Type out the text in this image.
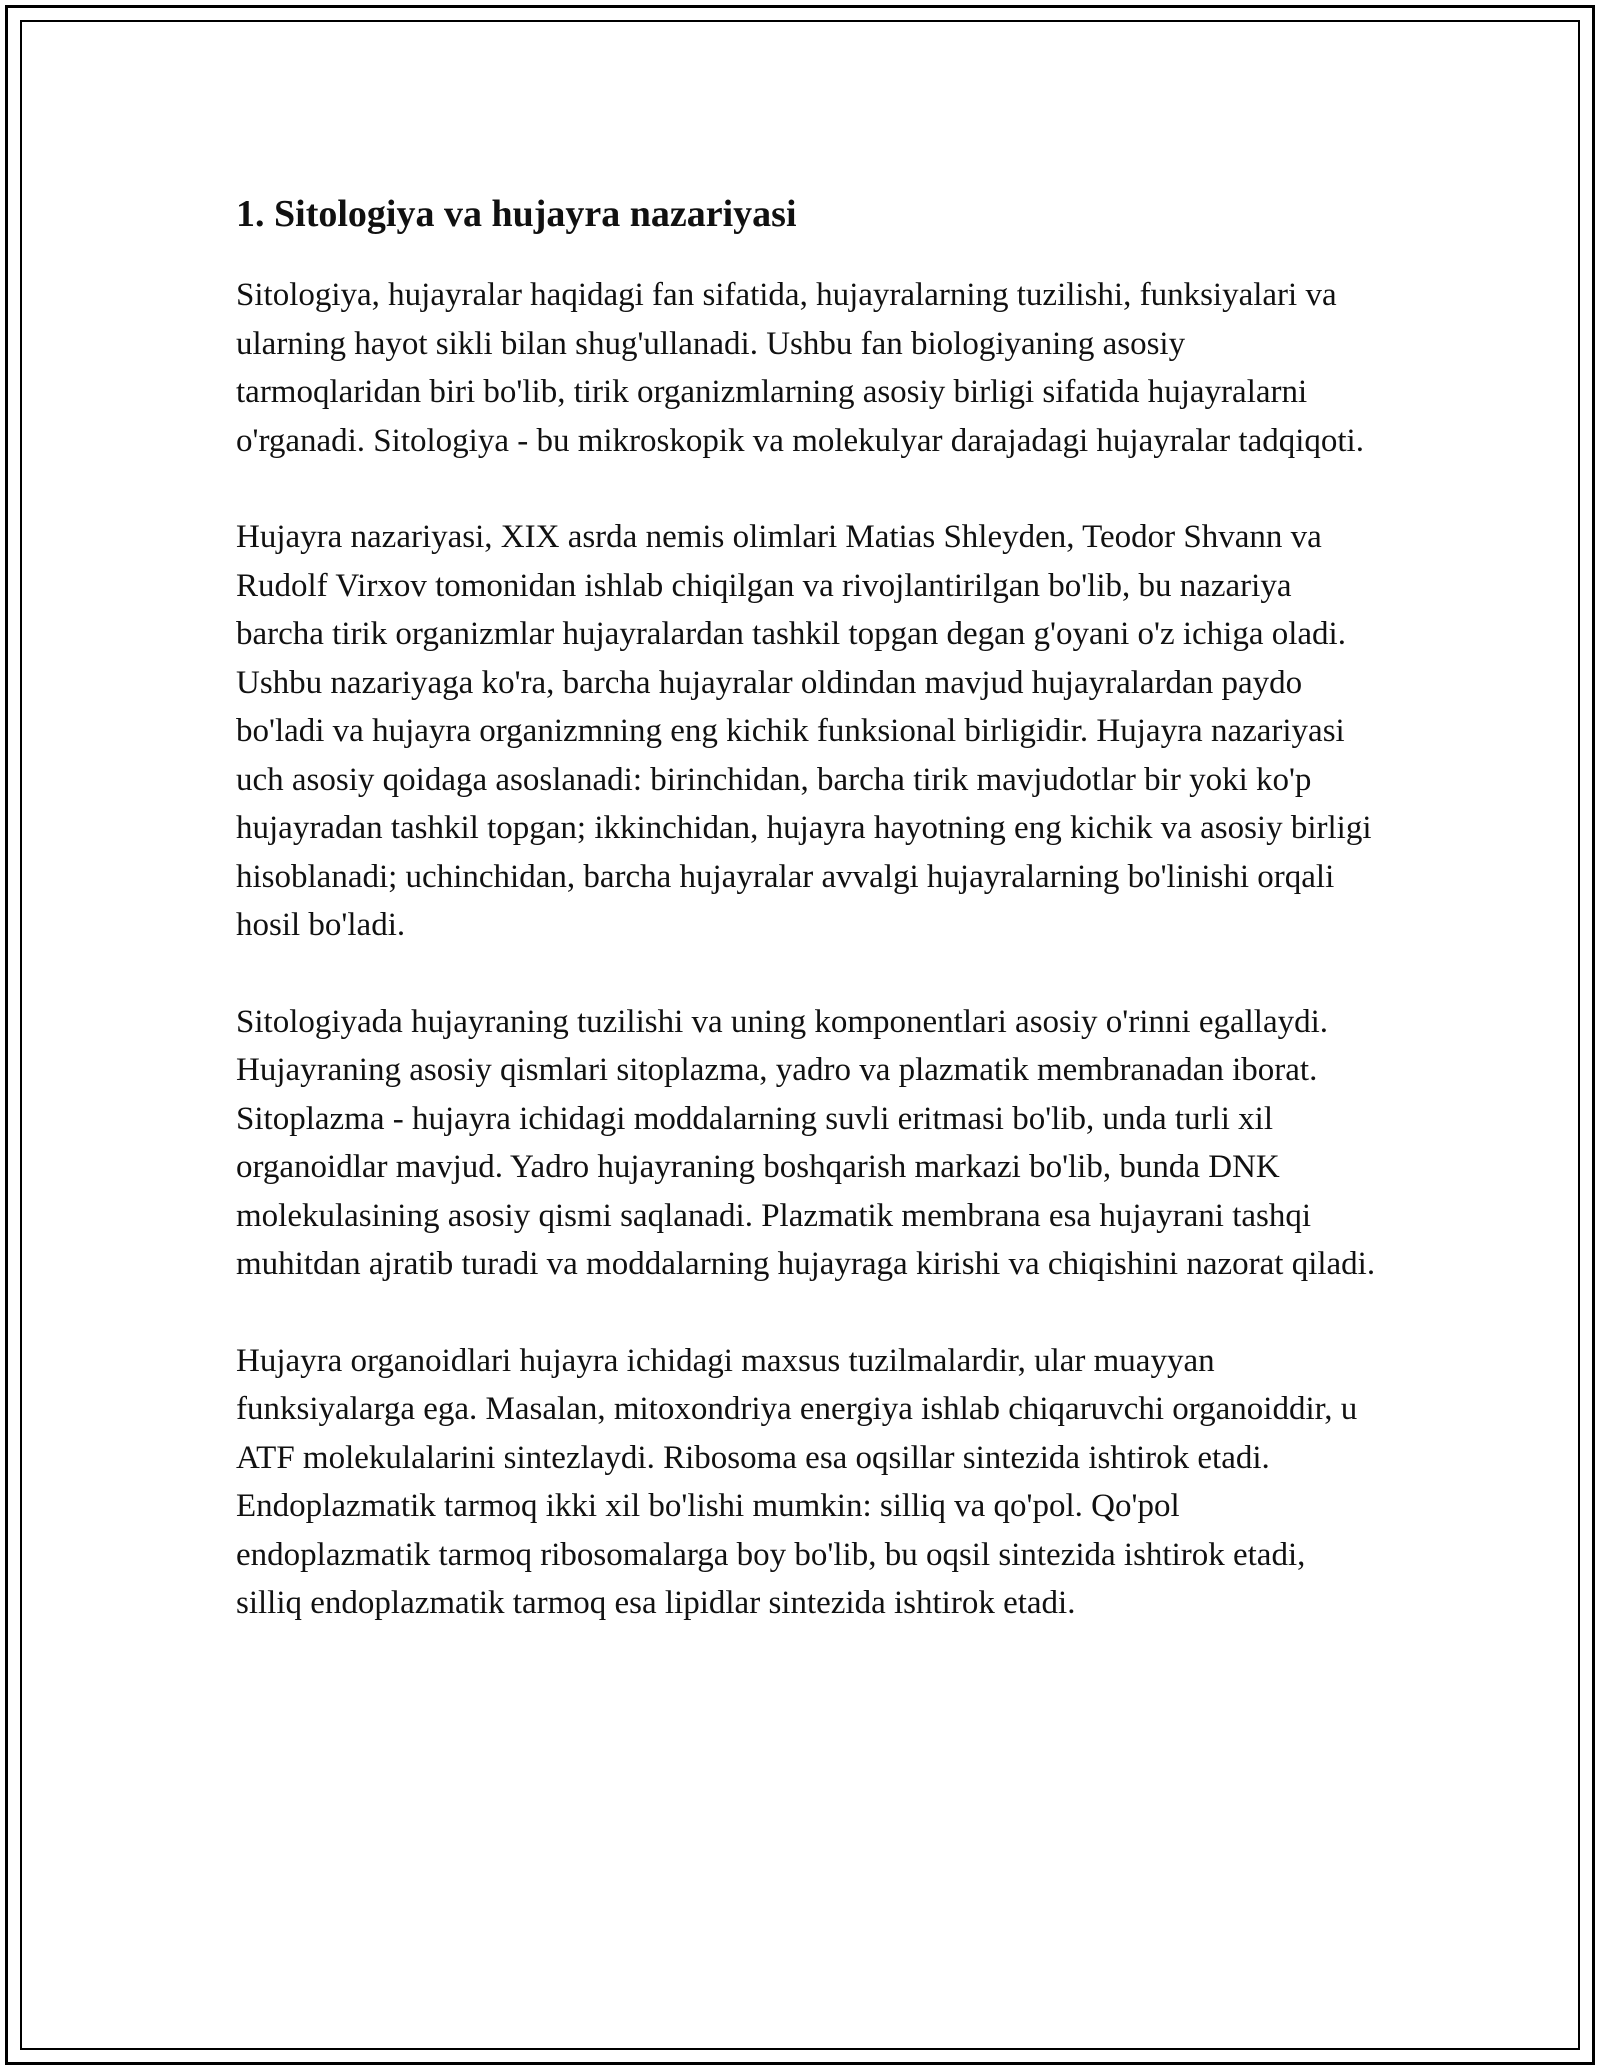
1. Sitologiya va hujayra nazariyasi

Sitologiya, hujayralar haqidagi fan sifatida, hujayralarning tuzilishi, funksiyalari va ularning hayot sikli bilan shug'ullanadi. Ushbu fan biologiyaning asosiy tarmoqlaridan biri bo'lib, tirik organizmlarning asosiy birligi sifatida hujayralarni o'rganadi. Sitologiya - bu mikroskopik va molekulyar darajadagi hujayralar tadqiqoti.

Hujayra nazariyasi, XIX asrda nemis olimlari Matias Shleyden, Teodor Shvann va Rudolf Virxov tomonidan ishlab chiqilgan va rivojlantirilgan bo'lib, bu nazariya barcha tirik organizmlar hujayralardan tashkil topgan degan g'oyani o'z ichiga oladi. Ushbu nazariyaga ko'ra, barcha hujayralar oldindan mavjud hujayralardan paydo bo'ladi va hujayra organizmning eng kichik funksional birligidir. Hujayra nazariyasi uch asosiy qoidaga asoslanadi: birinchidan, barcha tirik mavjudotlar bir yoki ko'p hujayradan tashkil topgan; ikkinchidan, hujayra hayotning eng kichik va asosiy birligi hisoblanadi; uchinchidan, barcha hujayralar avvalgi hujayralarning bo'linishi orqali hosil bo'ladi.

Sitologiyada hujayraning tuzilishi va uning komponentlari asosiy o'rinni egallaydi. Hujayraning asosiy qismlari sitoplazma, yadro va plazmatik membranadan iborat. Sitoplazma - hujayra ichidagi moddalarning suvli eritmasi bo'lib, unda turli xil organoidlar mavjud. Yadro hujayraning boshqarish markazi bo'lib, bunda DNK molekulasining asosiy qismi saqlanadi. Plazmatik membrana esa hujayrani tashqi muhitdan ajratib turadi va moddalarning hujayraga kirishi va chiqishini nazorat qiladi.

Hujayra organoidlari hujayra ichidagi maxsus tuzilmalardir, ular muayyan funksiyalarga ega. Masalan, mitoxondriya energiya ishlab chiqaruvchi organoiddir, u ATF molekulalarini sintezlaydi. Ribosoma esa oqsillar sintezida ishtirok etadi. Endoplazmatik tarmoq ikki xil bo'lishi mumkin: silliq va qo'pol. Qo'pol endoplazmatik tarmoq ribosomalarga boy bo'lib, bu oqsil sintezida ishtirok etadi, silliq endoplazmatik tarmoq esa lipidlar sintezida ishtirok etadi.
